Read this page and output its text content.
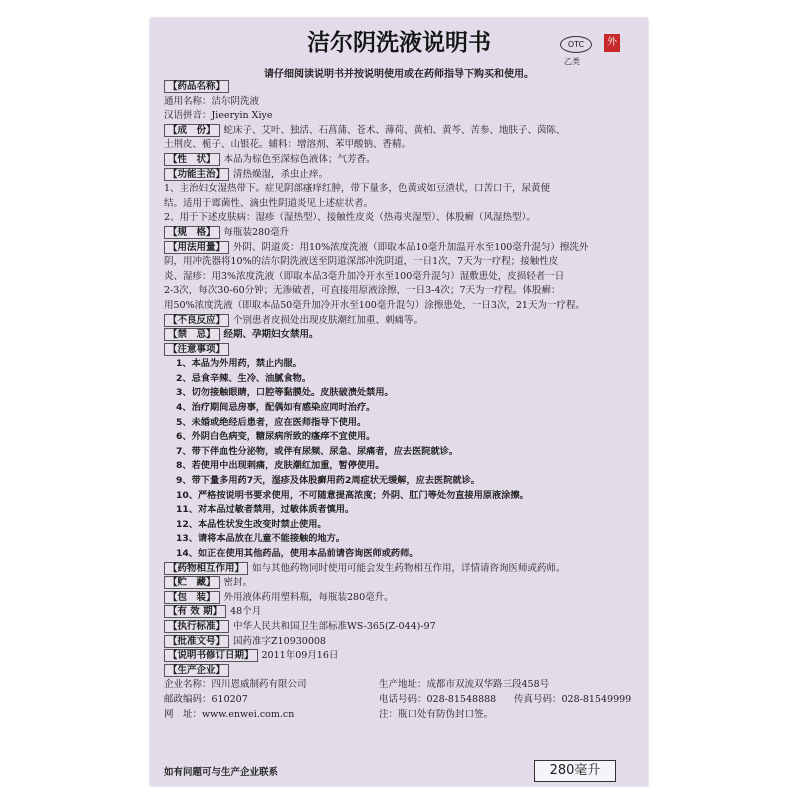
洁尔阴洗液说明书	OTC
乙类
外
请仔细阅读说明书并按说明使用或在药师指导下购买和使用。
【药品名称】
通用名称：洁尔阴洗液
汉语拼音：Jieeryin Xiye
【成　份】 蛇床子、艾叶、独活、石菖蒲、苍术、薄荷、黄柏、黄芩、苦参、地肤子、茵陈、
土荆皮、栀子、山银花。辅料：增溶剂、苯甲酸钠、香精。
【性　状】 本品为棕色至深棕色液体；气芳香。
【功能主治】 清热燥湿，杀虫止痒。
1、主治妇女湿热带下。症见阴部瘙痒红肿，带下量多，色黄或如豆渣状，口苦口干，尿黄便
结。适用于霉菌性、滴虫性阴道炎见上述症状者。
2、用于下述皮肤病：湿疹（湿热型）、接触性皮炎（热毒夹湿型）、体股癣（风湿热型）。
【规　格】 每瓶装280毫升
【用法用量】 外阴、阴道炎：用10%浓度洗液（即取本品10毫升加温开水至100毫升混匀）擦洗外
阴，用冲洗器将10%的洁尔阴洗液送至阴道深部冲洗阴道，一日1次，7天为一疗程；接触性皮
炎、湿疹：用3%浓度洗液（即取本品3毫升加冷开水至100毫升混匀）湿敷患处，皮损轻者一日
2-3次，每次30-60分钟；无渗破者，可直接用原液涂擦，一日3-4次；7天为一疗程。体股癣：
用50%浓度洗液（即取本品50毫升加冷开水至100毫升混匀）涂擦患处，一日3次，21天为一疗程。
【不良反应】 个别患者皮损处出现皮肤潮红加重、刺痛等。
【禁　忌】 经期、孕期妇女禁用。
【注意事项】
1、本品为外用药，禁止内服。
2、忌食辛辣、生冷、油腻食物。
3、切勿接触眼睛，口腔等黏膜处。皮肤破溃处禁用。
4、治疗期间忌房事，配偶如有感染应同时治疗。
5、未婚或绝经后患者，应在医师指导下使用。
6、外阴白色病变，糖尿病所致的瘙痒不宜使用。
7、带下伴血性分泌物，或伴有尿频、尿急、尿痛者，应去医院就诊。
8、若使用中出现刺痛，皮肤潮红加重，暂停使用。
9、带下量多用药7天，湿疹及体股癣用药2周症状无缓解，应去医院就诊。
10、严格按说明书要求使用，不可随意提高浓度；外阴、肛门等处勿直接用原液涂擦。
11、对本品过敏者禁用，过敏体质者慎用。
12、本品性状发生改变时禁止使用。
13、请将本品放在儿童不能接触的地方。
14、如正在使用其他药品，使用本品前请咨询医师或药师。
【药物相互作用】 如与其他药物同时使用可能会发生药物相互作用，详情请咨询医师或药师。
【贮　藏】 密封。
【包　装】 外用液体药用塑料瓶，每瓶装280毫升。
【有 效 期】 48个月
【执行标准】 中华人民共和国卫生部标准WS-365(Z-044)-97
【批准文号】 国药准字Z10930008
【说明书修订日期】 2011年09月16日
【生产企业】
企业名称：四川恩威制药有限公司	生产地址：成都市双流双华路三段458号
邮政编码：610207	电话号码：028-81548888	传真号码：028-81549999
网　址：www.enwei.com.cn	注：瓶口处有防伪封口签。
如有问题可与生产企业联系	280毫升
